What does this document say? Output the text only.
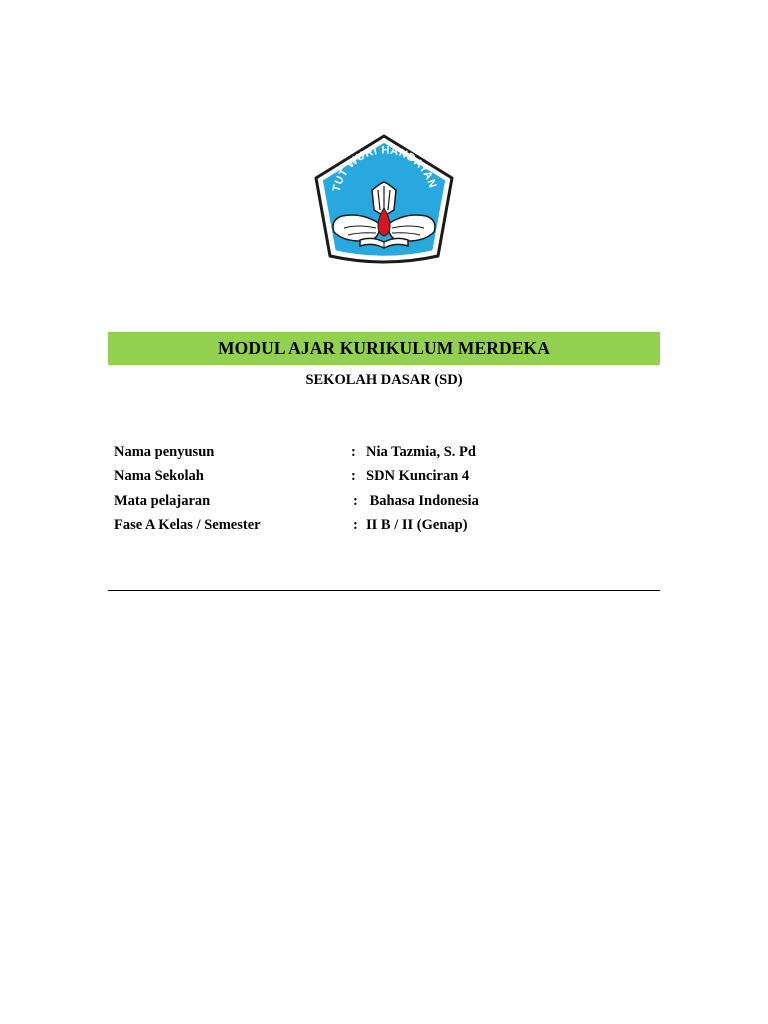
TUT WURI HANDAYAN
MODUL AJAR KURIKULUM MERDEKA
SEKOLAH DASAR (SD)
Nama penyusun	: Nia Tazmia, S. Pd
Nama Sekolah	: SDN Kunciran 4
Mata pelajaran	: Bahasa Indonesia
Fase A Kelas / Semester	: II B / II (Genap)
